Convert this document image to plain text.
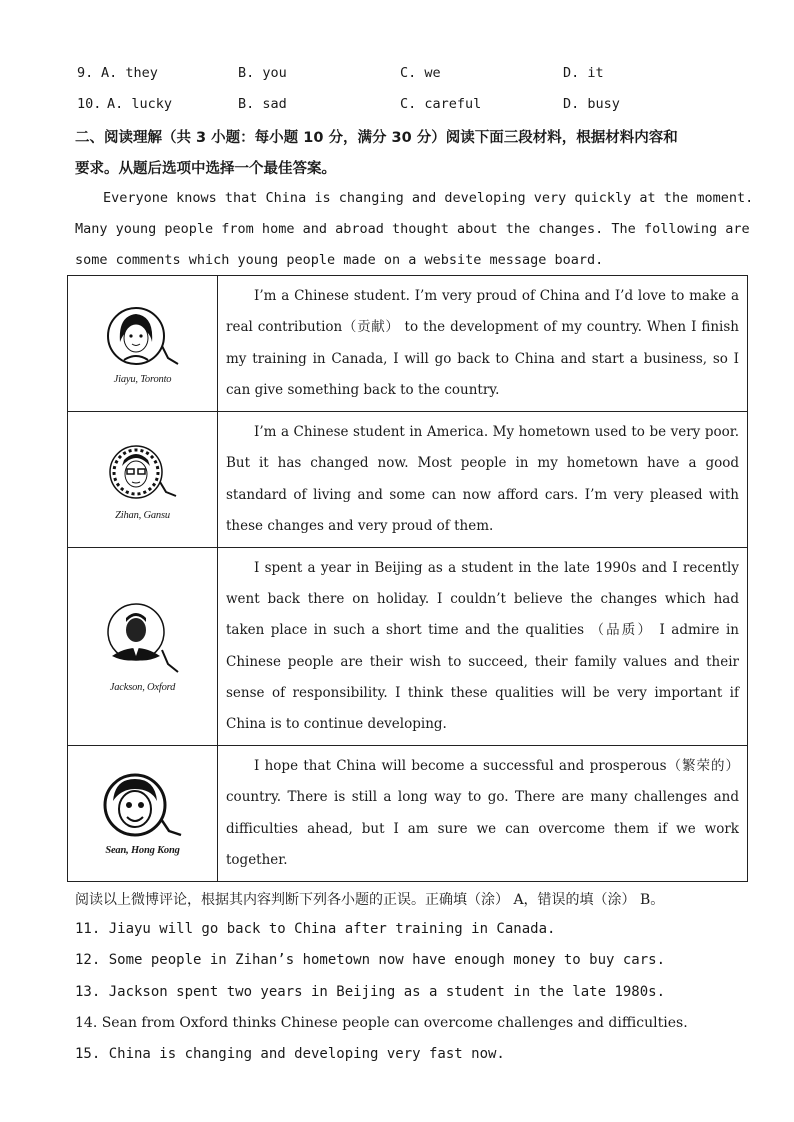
9. A. they	B. you	C. we	D. it
10. A. lucky	B. sad	C. careful	D. busy
二、阅读理解（共 3 小题：每小题 10 分，满分 30 分）阅读下面三段材料，根据材料内容和
要求。从题后选项中选择一个最佳答案。
Everyone knows that China is changing and developing very quickly at the moment.
Many young people from home and abroad thought about the changes. The following are
some comments which young people made on a website message board.
Jiayu, Toronto	I’m a Chinese student. I’m very proud of China and I’d love to make a real contribution（贡献） to the development of my country. When I finish my training in Canada, I will go back to China and start a business, so I can give something back to the country.

Zihan, Gansu	I’m a Chinese student in America. My hometown used to be very poor. But it has changed now. Most people in my hometown have a good standard of living and some can now afford cars. I’m very pleased with these changes and very proud of them.

Jackson, Oxford	I spent a year in Beijing as a student in the late 1990s and I recently went back there on holiday. I couldn’t believe the changes which had taken place in such a short time and the qualities （品质） I admire in Chinese people are their wish to succeed, their family values and their sense of responsibility. I think these qualities will be very important if China is to continue developing.

Sean, Hong Kong	I hope that China will become a successful and prosperous（繁荣的） country. There is still a long way to go. There are many challenges and difficulties ahead, but I am sure we can overcome them if we work together.
阅读以上微博评论，根据其内容判断下列各小题的正误。正确填（涂） A，错误的填（涂） B。
11. Jiayu will go back to China after training in Canada.
12. Some people in Zihan’s hometown now have enough money to buy cars.
13. Jackson spent two years in Beijing as a student in the late 1980s.
14. Sean from Oxford thinks Chinese people can overcome challenges and difficulties.
15. China is changing and developing very fast now.
